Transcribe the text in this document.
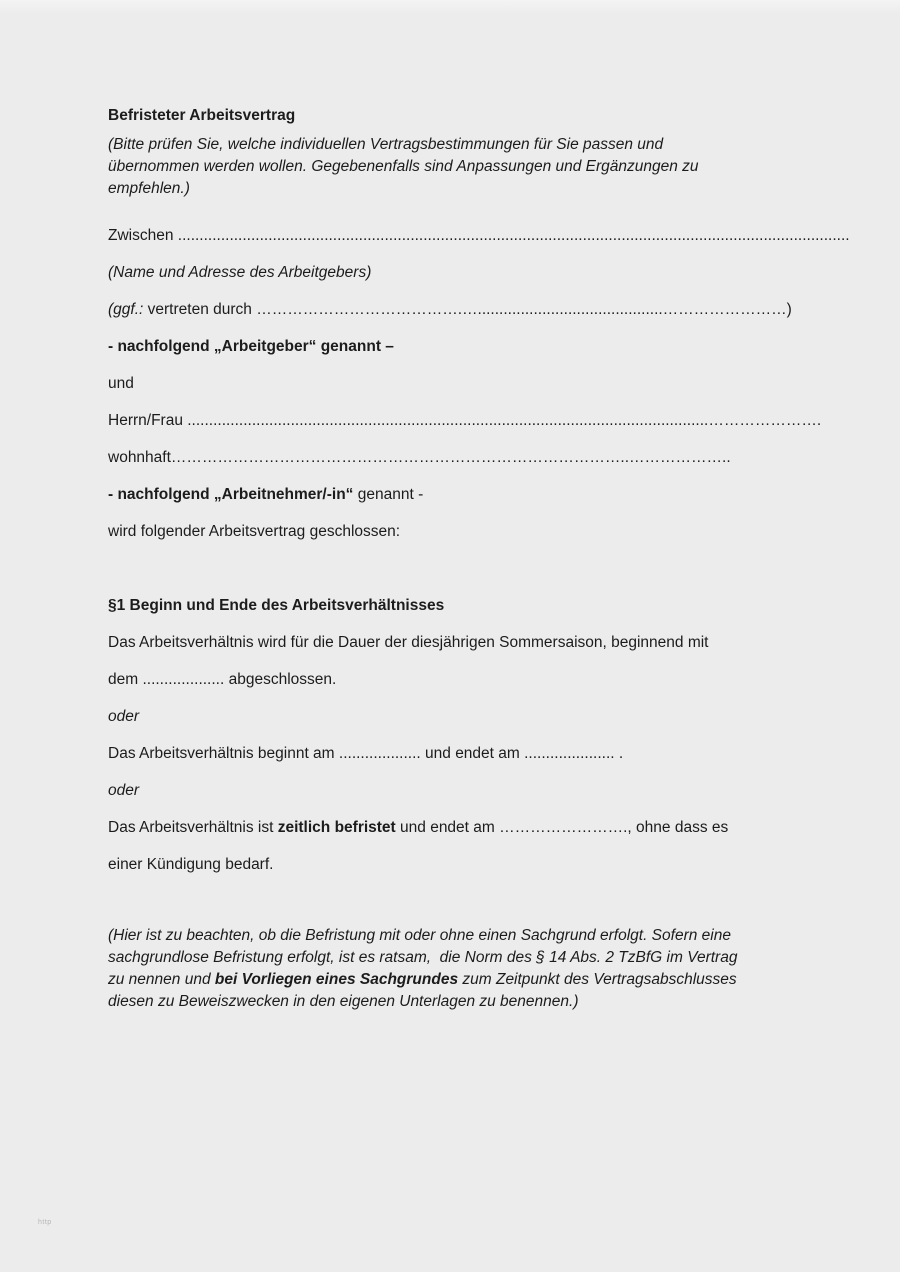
Befristeter Arbeitsvertrag

(Bitte prüfen Sie, welche individuellen Vertragsbestimmungen für Sie passen und
übernommen werden wollen. Gegebenenfalls sind Anpassungen und Ergänzungen zu
empfehlen.)

Zwischen ............................................................................................................................................................

(Name und Adresse des Arbeitgebers)

(ggf.: vertreten durch ………………………………….…...........................................……………………)

- nachfolgend „Arbeitgeber“ genannt –

und

Herrn/Frau .........................................................................................................................………………….

wohnhaft……………………………………………………………………………..………………..

- nachfolgend „Arbeitnehmer/-in“ genannt -

wird folgender Arbeitsvertrag geschlossen:

§1 Beginn und Ende des Arbeitsverhältnisses

Das Arbeitsverhältnis wird für die Dauer der diesjährigen Sommersaison, beginnend mit
dem ................... abgeschlossen.

oder

Das Arbeitsverhältnis beginnt am ................... und endet am ..................... .

oder

Das Arbeitsverhältnis ist zeitlich befristet und endet am ……………………., ohne dass es
einer Kündigung bedarf.

(Hier ist zu beachten, ob die Befristung mit oder ohne einen Sachgrund erfolgt. Sofern eine
sachgrundlose Befristung erfolgt, ist es ratsam,  die Norm des § 14 Abs. 2 TzBfG im Vertrag
zu nennen und bei Vorliegen eines Sachgrundes zum Zeitpunkt des Vertragsabschlusses
diesen zu Beweiszwecken in den eigenen Unterlagen zu benennen.)

http
